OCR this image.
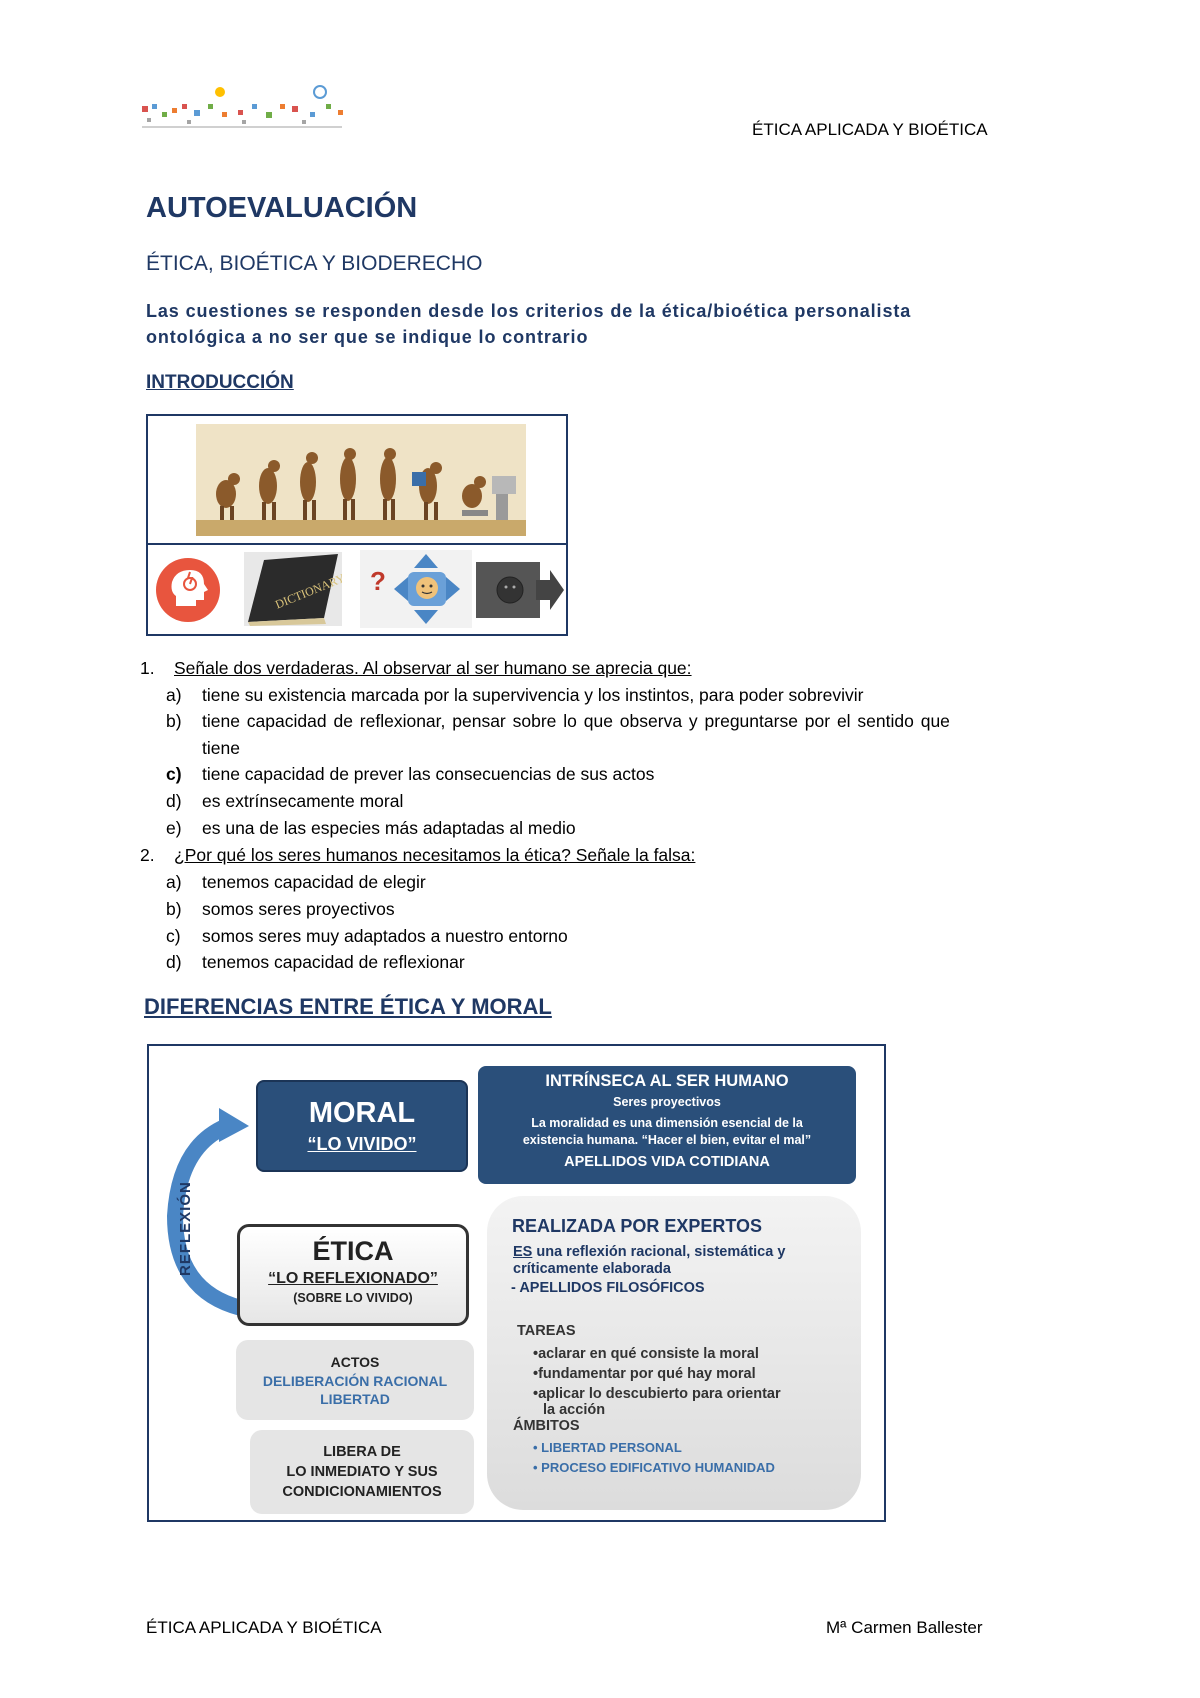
ÉTICA APLICADA Y BIOÉTICA
AUTOEVALUACIÓN
ÉTICA, BIOÉTICA Y BIODERECHO
Las cuestiones se responden desde los criterios de la ética/bioética personalista
ontológica a no ser que se indique lo contrario
INTRODUCCIÓN
DICTIONARY ?
1. Señale dos verdaderas. Al observar al ser humano se aprecia que:
a) tiene su existencia marcada por la supervivencia y los instintos, para poder sobrevivir
b) tiene capacidad de reflexionar, pensar sobre lo que observa y preguntarse por el sentido que
tiene
c) tiene capacidad de prever las consecuencias de sus actos
d) es extrínsecamente moral
e) es una de las especies más adaptadas al medio
2. ¿Por qué los seres humanos necesitamos la ética? Señale la falsa:
a) tenemos capacidad de elegir
b) somos seres proyectivos
c) somos seres muy adaptados a nuestro entorno
d) tenemos capacidad de reflexionar
DIFERENCIAS ENTRE ÉTICA Y MORAL
REFLEXIÓN
MORAL
“LO VIVIDO”
INTRÍNSECA AL SER HUMANO
Seres proyectivos
La moralidad es una dimensión esencial de la
existencia humana. “Hacer el bien, evitar el mal”
APELLIDOS VIDA COTIDIANA
ÉTICA
“LO REFLEXIONADO”
(SOBRE LO VIVIDO)
ACTOS
DELIBERACIÓN RACIONAL
LIBERTAD
LIBERA DE
LO INMEDIATO Y SUS
CONDICIONAMIENTOS
REALIZADA POR EXPERTOS
ES una reflexión racional, sistemática y
críticamente elaborada
- APELLIDOS FILOSÓFICOS
TAREAS
•aclarar en qué consiste la moral
•fundamentar por qué hay moral
•aplicar lo descubierto para orientar
la acción
ÁMBITOS
• LIBERTAD PERSONAL
• PROCESO EDIFICATIVO HUMANIDAD
ÉTICA APLICADA Y BIOÉTICA	Mª Carmen Ballester
